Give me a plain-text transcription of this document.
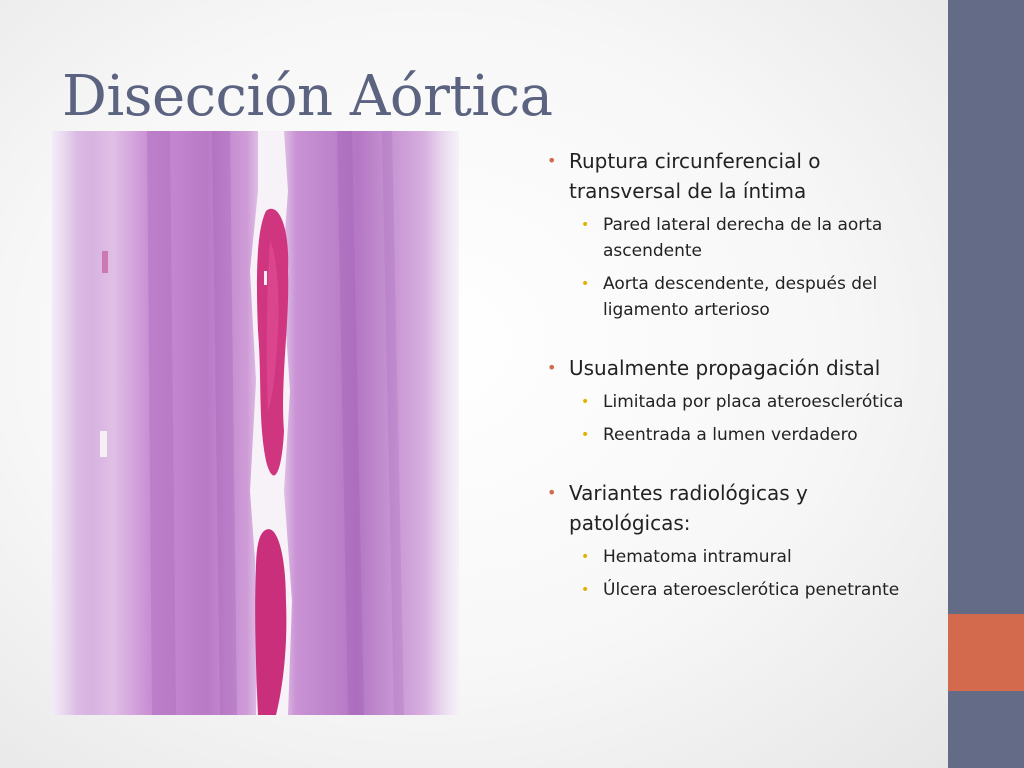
Disección Aórtica
• Ruptura circunferencial o transversal de la íntima
• Pared lateral derecha de la aorta ascendente
• Aorta descendente, después del ligamento arterioso
• Usualmente propagación distal
• Limitada por placa ateroesclerótica
• Reentrada a lumen verdadero
• Variantes radiológicas y patológicas:
• Hematoma intramural
• Úlcera ateroesclerótica penetrante
